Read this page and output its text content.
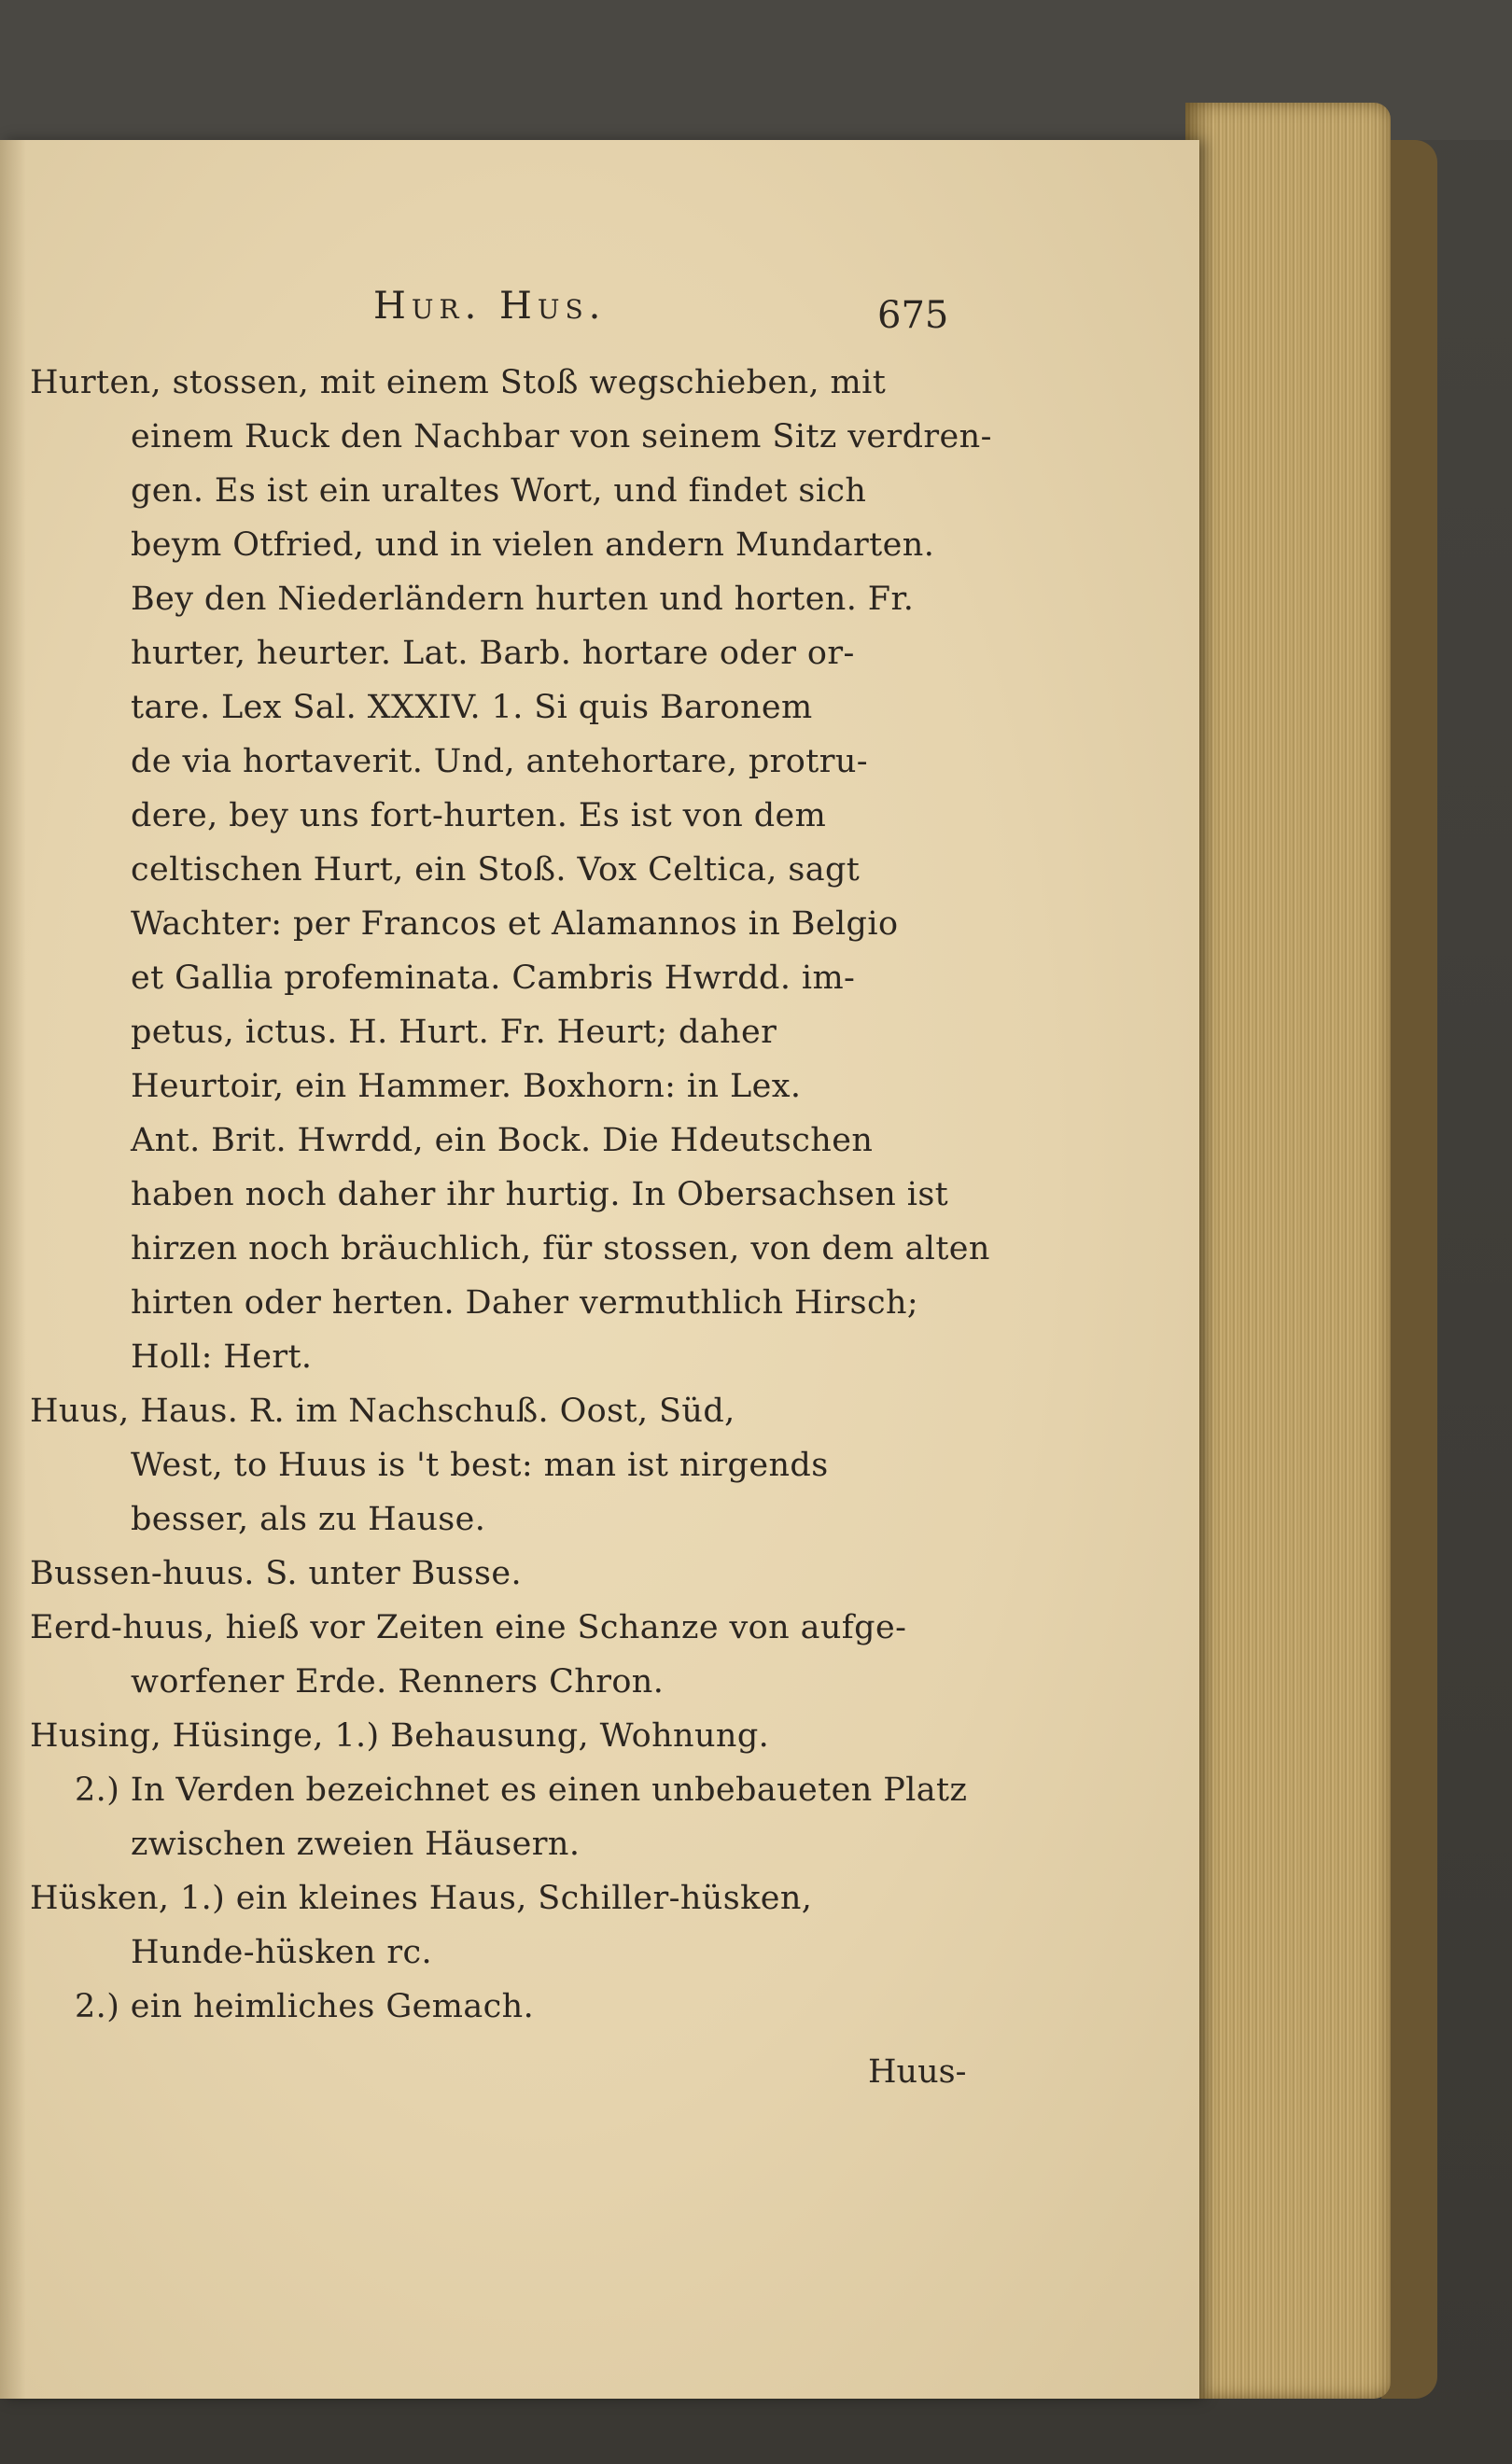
Hur. Hus.	675
Hurten, stossen, mit einem Stoß wegschieben, mit
einem Ruck den Nachbar von seinem Sitz verdren-
gen. Es ist ein uraltes Wort, und findet sich
beym Otfried, und in vielen andern Mundarten.
Bey den Niederländern hurten und horten. Fr.
hurter, heurter. Lat. Barb. hortare oder or-
tare. Lex Sal. XXXIV. 1. Si quis Baronem
de via hortaverit. Und, antehortare, protru-
dere, bey uns fort-hurten. Es ist von dem
celtischen Hurt, ein Stoß. Vox Celtica, sagt
Wachter: per Francos et Alamannos in Belgio
et Gallia profeminata. Cambris Hwrdd. im-
petus, ictus. H. Hurt. Fr. Heurt; daher
Heurtoir, ein Hammer. Boxhorn: in Lex.
Ant. Brit. Hwrdd, ein Bock. Die Hdeutschen
haben noch daher ihr hurtig. In Obersachsen ist
hirzen noch bräuchlich, für stossen, von dem alten
hirten oder herten. Daher vermuthlich Hirsch;
Holl: Hert.
Huus, Haus. R. im Nachschuß. Oost, Süd,
West, to Huus is 't best: man ist nirgends
besser, als zu Hause.
Bussen-huus. S. unter Busse.
Eerd-huus, hieß vor Zeiten eine Schanze von aufge-
worfener Erde. Renners Chron.
Husing, Hüsinge, 1.) Behausung, Wohnung.
2.) In Verden bezeichnet es einen unbebaueten Platz
zwischen zweien Häusern.
Hüsken, 1.) ein kleines Haus, Schiller-hüsken,
Hunde-hüsken rc.
2.) ein heimliches Gemach.
Huus-
